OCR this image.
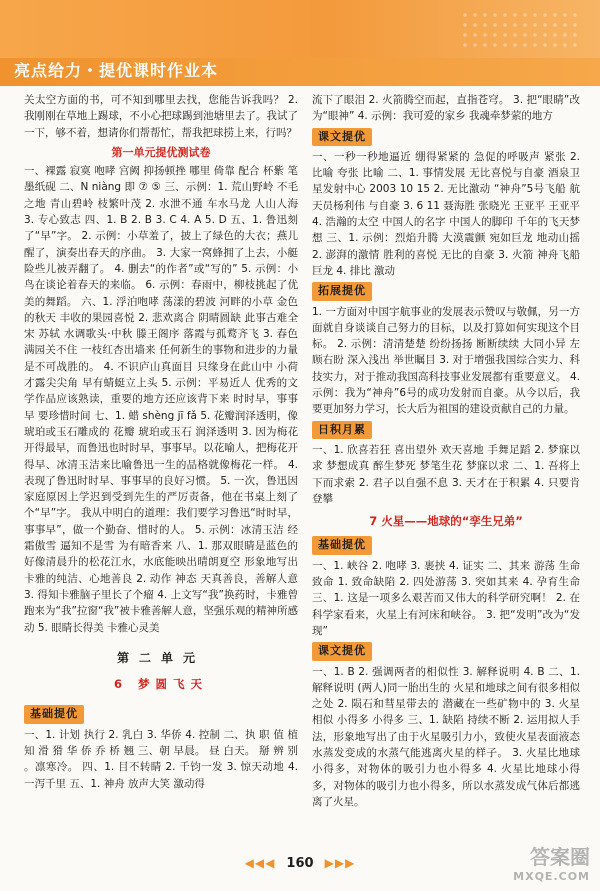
亮点给力・提优课时作业本

关太空方面的书，可不知到哪里去找，您能告诉我吗？ 2. 我刚刚在草地上踢球，不小心把球踢到池塘里去了。我试了一下，够不着，想请你们帮帮忙，帮我把球捞上来，行吗？

第一单元提优测试卷

一、裸露 寂寞 咆哮 宫阙 抑扬顿挫 哪里 倚靠 配合 杯紫 笔墨纸砚 二、N niàng 即 ⑦ ⑤ 三、示例：1. 荒山野岭 不毛之地 青山碧岭 枝繁叶茂 2. 水泄不通 车水马龙 人山人海 3. 专心致志 四、1. B 2. B 3. C 4. A 5. D 五、1. 鲁迅刻了“早”字。 2. 示例：小草羞了，披上了绿色的大衣；燕儿醒了，演奏出春天的序曲。 3. 大家一窝蜂拥了上去，小艇险些儿被弄翻了。 4. 删去“的作者”或“写的” 5. 示例：小鸟在谈论着春天的来临。 6. 示例：春雨中，柳枝挑起了优美的舞蹈。 六、1. 浮泊咆哮 荡漾的碧波 河畔的小草 金色的秋天 丰收的果园喜悦 2. 悲欢离合 阴晴圆缺 此事古难全 宋 苏轼 水调歌头·中秋 滕王阁序 落霞与孤鹜齐飞 3. 春色满园关不住 一枝红杏出墙来 任何新生的事物和进步的力量是不可战胜的。 4. 不识庐山真面目 只缘身在此山中 小荷才露尖尖角 早有蜻蜓立上头 5. 示例：平易近人 优秀的文学作品应该熟读，重要的地方还应该背下来 时时早，事事早 要珍惜时间 七、1. 蜡 shèng jī fǎ 5. 花瓣润泽透明，像琥珀或玉石雕成的 花瓣 琥珀或玉石 润泽透明 3. 因为梅花开得最早，而鲁迅也时时早，事事早。以花喻人，把梅花开得早、冰清玉洁来比喻鲁迅一生的品格就像梅花一样。 4. 表现了鲁迅时时早、事事早的良好习惯。 5. 一次，鲁迅因家庭原因上学迟到受到先生的严厉责备，他在书桌上刻了个“早”字。 我从中明白的道理：我们要学习鲁迅“时时早，事事早”，做一个勤奋、惜时的人。 5. 示例：冰清玉洁 经霜傲雪 逼知不是雪 为有暗香来 八、1. 那双眼睛是蓝色的 好像清晨升的松花江水，水底能映出晴朗夏空 形象地写出卡雅的纯洁、心地善良 2. 动作 神态 天真善良，善解人意 3. 得知卡雅脑子里长了个瘤 4. 上文写“我”换药时，卡雅曾跑来为“我”拉窗“我”被卡雅善解人意，坚强乐观的精神所感动 5. 眼睛长得美 卡雅心灵美

第二单元
6 梦圆飞天
基础提优

一、1. 计划 执行 2. 乳白 3. 华侨 4. 控制 二、执 职 值 植 知 滑 猾 华 侨 乔 桥 翘 三、朝 早晨。 昼 白天。 掰 辨 别 。凛寒冷。 四、1. 目不转睛 2. 千钧一发 3. 惊天动地 4. 一泻千里 五、1. 神舟 放声大笑 激动得

流下了眼泪 2. 火箭腾空而起，直指苍穹。 3. 把“眼睛”改为“眼神” 4. 示例：我可爱的家乡 我魂牵梦萦的地方

课文提优

一、一秒一秒地逼近 绷得紧紧的 急促的呼吸声 紧张 2. 比喻 夸张 比喻 二、1. 事情发展 无比喜悦与自豪 酒泉卫星发射中心 2003 10 15 2. 无比激动 “神舟”5号飞船 航天员杨利伟 与自豪 3. 6 11 聂海胜 张晓光 王亚平 王亚平 4. 浩瀚的太空 中国人的名字 中国人的脚印 千年的飞天梦想 三、1. 示例：烈焰升腾 大漠震颤 宛如巨龙 地动山摇 2. 澎湃的激情 胜利的喜悦 无比的自豪 3. 火箭 神舟飞船 巨龙 4. 排比 激动

拓展提优

1. 一方面对中国宇航事业的发展表示赞叹与敬佩，另一方面就自身谈谈自己努力的目标，以及打算如何实现这个目标。 2. 示例：清清楚楚 纷纷扬扬 断断续续 大同小异 左顾右盼 深入浅出 举世瞩目 3. 对于增强我国综合实力、科技实力，对于推动我国高科技事业发展都有重要意义。 4. 示例：我为“神舟”6号的成功发射而自豪。从今以后，我要更加努力学习，长大后为祖国的建设贡献自己的力量。

日积月累

一、1. 欣喜若狂 喜出望外 欢天喜地 手舞足蹈 2. 梦寐以求 梦想成真 醉生梦死 梦笔生花 梦寐以求 二、1. 吾将上下而求索 2. 君子以自强不息 3. 天才在于积累 4. 只要肯登攀

7 火星——地球的“孪生兄弟”
基础提优

一、1. 峡谷 2. 咆哮 3. 裹挟 4. 证实 二、其来 游荡 生命 致命 1. 致命缺陷 2. 四处游荡 3. 突如其来 4. 孕育生命 三、1. 这是一项多么艰苦而又伟大的科学研究啊！ 2. 在科学家看来，火星上有河床和峡谷。 3. 把“发明”改为“发现”

课文提优

一、1. B 2. 强调两者的相似性 3. 解释说明 4. B 二、1. 解释说明 (两人)同一胎出生的 火星和地球之间有很多相似之处 2. 陨石和彗星带去的 潜藏在一些矿物中的 3. 火星 相似 小得多 小得多 三、1. 缺陷 持续不断 2. 运用拟人手法，形象地写出了由于火星吸引力小，致使火星表面液态水蒸发变成的水蒸气能逃离火星的样子。 3. 火星比地球小得多，对物体的吸引力也小得多 4. 火星比地球小得多，对物体的吸引力也小得多，所以水蒸发成气体后都逃离了火星。

◀◀◀ 160 ▶▶▶	答案圈
MXQE.COM
